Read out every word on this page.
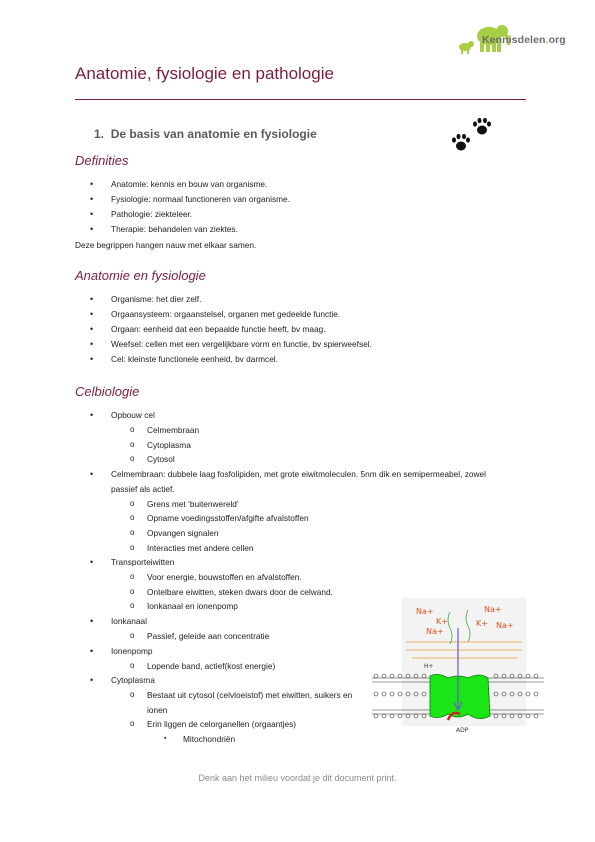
Kennisdelen.org
Anatomie, fysiologie en pathologie
1. De basis van anatomie en fysiologie
Definities
• Anatomie: kennis en bouw van organisme.
• Fysiologie: normaal functioneren van organisme.
• Pathologie: ziekteleer.
• Therapie: behandelen van ziektes.
Deze begrippen hangen nauw met elkaar samen.
Anatomie en fysiologie
• Organisme: het dier zelf.
• Orgaansysteem: orgaanstelsel, organen met gedeelde functie.
• Orgaan: eenheid dat een bepaalde functie heeft, bv maag.
• Weefsel: cellen met een vergelijkbare vorm en functie, bv spierweefsel.
• Cel: kleinste functionele eenheid, bv darmcel.
Celbiologie
• Opbouw cel
o Celmembraan
o Cytoplasma
o Cytosol
• Celmembraan: dubbele laag fosfolipiden, met grote eiwitmoleculen. 5nm dik en semipermeabel, zowel passief als actief.
o Grens met ‘buitenwereld’
o Opname voedingsstoffen/afgifte afvalstoffen
o Opvangen signalen
o Interacties met andere cellen
• Transporteiwitten
o Voor energie, bouwstoffen en afvalstoffen.
o Ontelbare eiwitten, steken dwars door de celwand.
o Ionkanaal en ionenpomp
• Ionkanaal
o Passief, geleide aan concentratie
• Ionenpomp
o Lopende band, actief(kost energie)
• Cytoplasma
o Bestaat uit cytosol (celvloeistof) met eiwitten, suikers en ionen
o Erin liggen de celorganellen (orgaantjes)
▪ Mitochondriën
Na+	Na+
Na+
Na+
K+
K+
H+
ADP
Denk aan het milieu voordat je dit document print.
